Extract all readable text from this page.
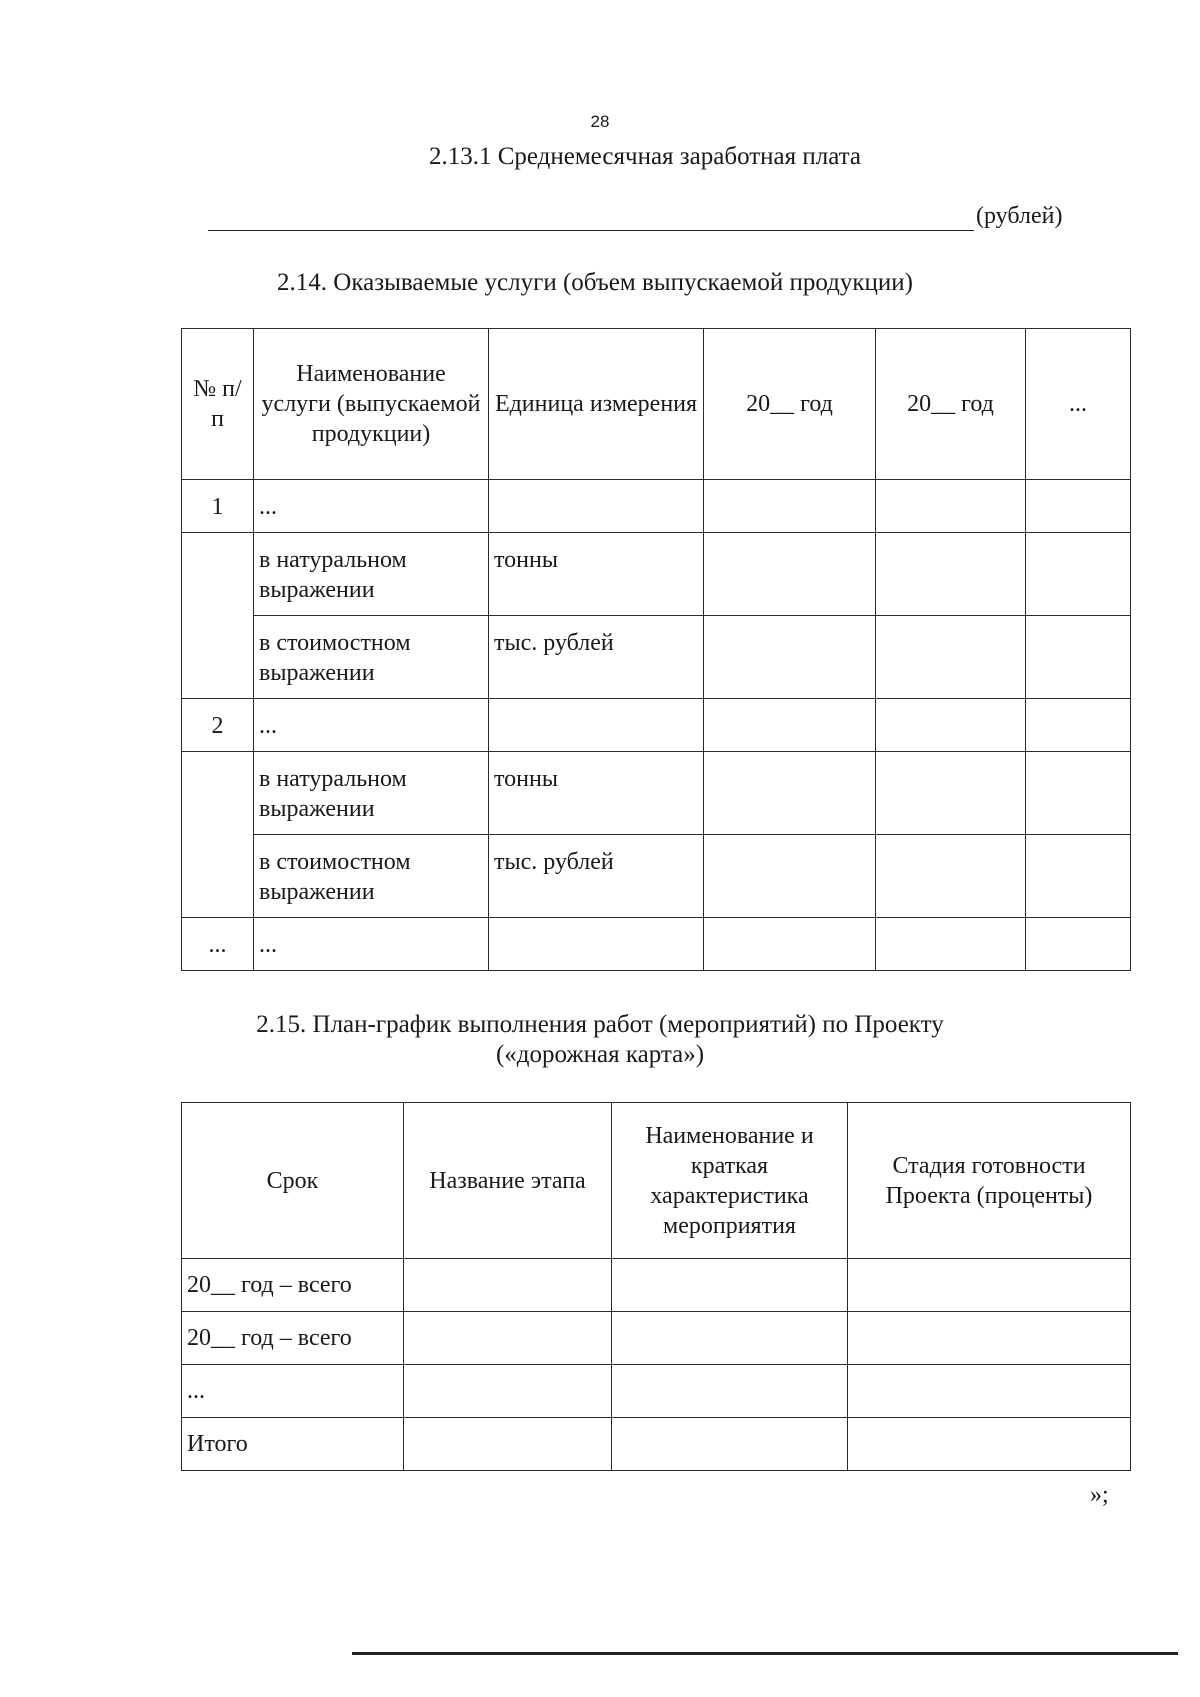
28
2.13.1 Среднемесячная заработная плата
(рублей)
2.14. Оказываемые услуги (объем выпускаемой продукции)
№ п/п	Наименование услуги (выпускаемой продукции)	Единица измерения	20__ год	20__ год	...
1	...				
	в натуральном выражении	тонны			
	в стоимостном выражении	тыс. рублей			
2	...				
	в натуральном выражении	тонны			
	в стоимостном выражении	тыс. рублей			
...	...				
2.15. План-график выполнения работ (мероприятий) по Проекту
(«дорожная карта»)
Срок	Название этапа	Наименование и краткая характеристика мероприятия	Стадия готовности Проекта (проценты)
20__ год – всего			
20__ год – всего			
...			
Итого			
»;
